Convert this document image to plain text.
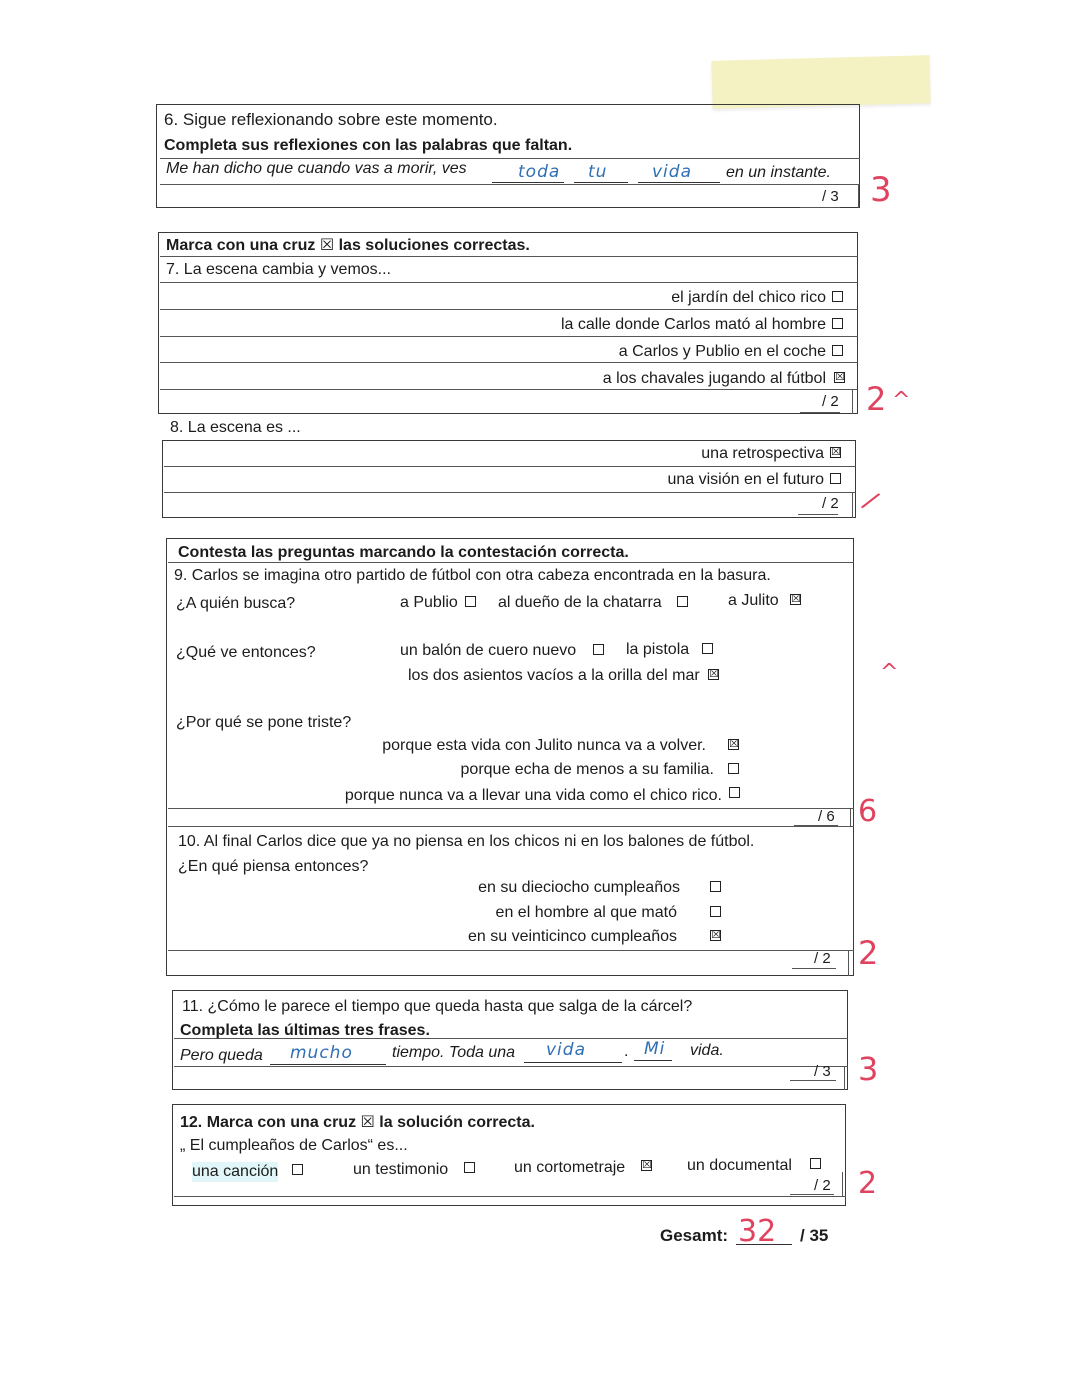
6. Sigue reflexionando sobre este momento.
Completa sus reflexiones con las palabras que faltan.
Me han dicho que cuando vas a morir, ves	toda tu	vida en un instante.
/ 3 3
Marca con una cruz ☒ las soluciones correctas.
7. La escena cambia y vemos...
el jardín del chico rico
la calle donde Carlos mató al hombre
a Carlos y Publio en el coche
a los chavales jugando al fútbol ☒
/ 2 2 ^
8. La escena es ...
una retrospectiva ☒
una visión en el futuro
/ 2 /
Contesta las preguntas marcando la contestación correcta.
9. Carlos se imagina otro partido de fútbol con otra cabeza encontrada en la basura.
¿A quién busca?	a Publio	al dueño de la chatarra	a Julito ☒
¿Qué ve entonces?	un balón de cuero nuevo	la pistola
los dos asientos vacíos a la orilla del mar ☒	^
¿Por qué se pone triste?
porque esta vida con Julito nunca va a volver. ☒
porque echa de menos a su familia.
porque nunca va a llevar una vida como el chico rico.
/ 6 6
10. Al final Carlos dice que ya no piensa en los chicos ni en los balones de fútbol.
¿En qué piensa entonces?
en su dieciocho cumpleaños
en el hombre al que mató
en su veinticinco cumpleaños	☒
/ 2 2
11. ¿Cómo le parece el tiempo que queda hasta que salga de la cárcel?
Completa las últimas tres frases.
Pero queda mucho tiempo. Toda una vida . Mi vida.
/ 3 3
12. Marca con una cruz ☒ la solución correcta.
„ El cumpleaños de Carlos“ es...
una canción	un testimonio	un cortometraje ☒ un documental
/ 2 2
Gesamt: 32 / 35
